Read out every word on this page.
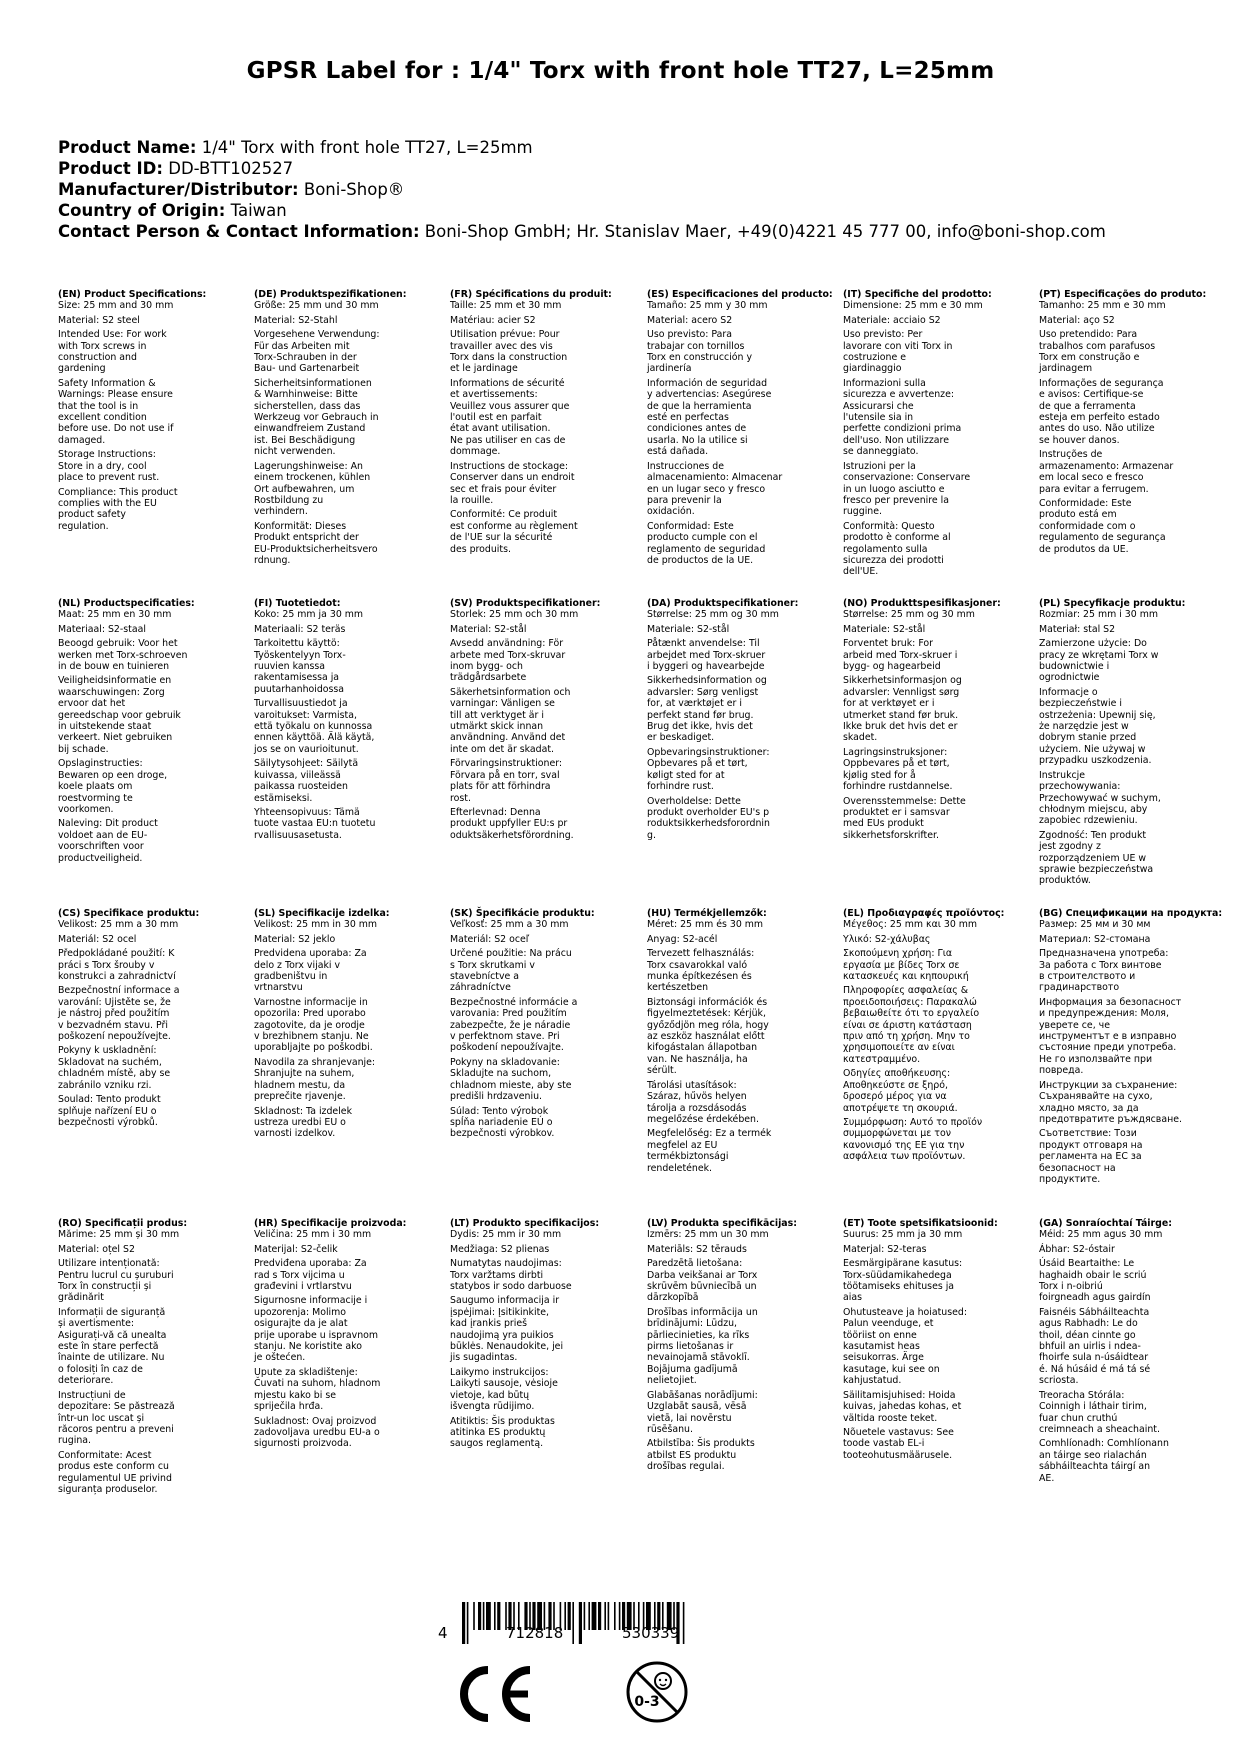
GPSR Label for : 1/4" Torx with front hole TT27, L=25mm
Product Name: 1/4" Torx with front hole TT27, L=25mm
Product ID: DD-BTT102527
Manufacturer/Distributor: Boni-Shop®
Country of Origin: Taiwan
Contact Person & Contact Information: Boni-Shop GmbH; Hr. Stanislav Maer, +49(0)4221 45 777 00, info@boni-shop.com
(EN) Product Specifications:
Size: 25 mm and 30 mm
Material: S2 steel
Intended Use: For work
with Torx screws in
construction and
gardening
Safety Information &
Warnings: Please ensure
that the tool is in
excellent condition
before use. Do not use if
damaged.
Storage Instructions:
Store in a dry, cool
place to prevent rust.
Compliance: This product
complies with the EU
product safety
regulation.
(DE) Produktspezifikationen:
Größe: 25 mm und 30 mm
Material: S2-Stahl
Vorgesehene Verwendung:
Für das Arbeiten mit
Torx-Schrauben in der
Bau- und Gartenarbeit
Sicherheitsinformationen
& Warnhinweise: Bitte
sicherstellen, dass das
Werkzeug vor Gebrauch in
einwandfreiem Zustand
ist. Bei Beschädigung
nicht verwenden.
Lagerungshinweise: An
einem trockenen, kühlen
Ort aufbewahren, um
Rostbildung zu
verhindern.
Konformität: Dieses
Produkt entspricht der
EU-Produktsicherheitsvero
rdnung.
(FR) Spécifications du produit:
Taille: 25 mm et 30 mm
Matériau: acier S2
Utilisation prévue: Pour
travailler avec des vis
Torx dans la construction
et le jardinage
Informations de sécurité
et avertissements:
Veuillez vous assurer que
l'outil est en parfait
état avant utilisation.
Ne pas utiliser en cas de
dommage.
Instructions de stockage:
Conserver dans un endroit
sec et frais pour éviter
la rouille.
Conformité: Ce produit
est conforme au règlement
de l'UE sur la sécurité
des produits.
(ES) Especificaciones del producto:
Tamaño: 25 mm y 30 mm
Material: acero S2
Uso previsto: Para
trabajar con tornillos
Torx en construcción y
jardinería
Información de seguridad
y advertencias: Asegúrese
de que la herramienta
esté en perfectas
condiciones antes de
usarla. No la utilice si
está dañada.
Instrucciones de
almacenamiento: Almacenar
en un lugar seco y fresco
para prevenir la
oxidación.
Conformidad: Este
producto cumple con el
reglamento de seguridad
de productos de la UE.
(IT) Specifiche del prodotto:
Dimensione: 25 mm e 30 mm
Materiale: acciaio S2
Uso previsto: Per
lavorare con viti Torx in
costruzione e
giardinaggio
Informazioni sulla
sicurezza e avvertenze:
Assicurarsi che
l'utensile sia in
perfette condizioni prima
dell'uso. Non utilizzare
se danneggiato.
Istruzioni per la
conservazione: Conservare
in un luogo asciutto e
fresco per prevenire la
ruggine.
Conformità: Questo
prodotto è conforme al
regolamento sulla
sicurezza dei prodotti
dell'UE.
(PT) Especificações do produto:
Tamanho: 25 mm e 30 mm
Material: aço S2
Uso pretendido: Para
trabalhos com parafusos
Torx em construção e
jardinagem
Informações de segurança
e avisos: Certifique-se
de que a ferramenta
esteja em perfeito estado
antes do uso. Não utilize
se houver danos.
Instruções de
armazenamento: Armazenar
em local seco e fresco
para evitar a ferrugem.
Conformidade: Este
produto está em
conformidade com o
regulamento de segurança
de produtos da UE.
(NL) Productspecificaties:
Maat: 25 mm en 30 mm
Materiaal: S2-staal
Beoogd gebruik: Voor het
werken met Torx-schroeven
in de bouw en tuinieren
Veiligheidsinformatie en
waarschuwingen: Zorg
ervoor dat het
gereedschap voor gebruik
in uitstekende staat
verkeert. Niet gebruiken
bij schade.
Opslaginstructies:
Bewaren op een droge,
koele plaats om
roestvorming te
voorkomen.
Naleving: Dit product
voldoet aan de EU-
voorschriften voor
productveiligheid.
(FI) Tuotetiedot:
Koko: 25 mm ja 30 mm
Materiaali: S2 teräs
Tarkoitettu käyttö:
Työskentelyyn Torx-
ruuvien kanssa
rakentamisessa ja
puutarhanhoidossa
Turvallisuustiedot ja
varoitukset: Varmista,
että työkalu on kunnossa
ennen käyttöä. Älä käytä,
jos se on vaurioitunut.
Säilytysohjeet: Säilytä
kuivassa, viileässä
paikassa ruosteiden
estämiseksi.
Yhteensopivuus: Tämä
tuote vastaa EU:n tuotetu
rvallisuusasetusta.
(SV) Produktspecifikationer:
Storlek: 25 mm och 30 mm
Material: S2-stål
Avsedd användning: För
arbete med Torx-skruvar
inom bygg- och
trädgårdsarbete
Säkerhetsinformation och
varningar: Vänligen se
till att verktyget är i
utmärkt skick innan
användning. Använd det
inte om det är skadat.
Förvaringsinstruktioner:
Förvara på en torr, sval
plats för att förhindra
rost.
Efterlevnad: Denna
produkt uppfyller EU:s pr
oduktsäkerhetsförordning.
(DA) Produktspecifikationer:
Størrelse: 25 mm og 30 mm
Materiale: S2-stål
Påtænkt anvendelse: Til
arbejdet med Torx-skruer
i byggeri og havearbejde
Sikkerhedsinformation og
advarsler: Sørg venligst
for, at værktøjet er i
perfekt stand før brug.
Brug det ikke, hvis det
er beskadiget.
Opbevaringsinstruktioner:
Opbevares på et tørt,
køligt sted for at
forhindre rust.
Overholdelse: Dette
produkt overholder EU's p
roduktsikkerhedsforordnin
g.
(NO) Produkttspesifikasjoner:
Størrelse: 25 mm og 30 mm
Materiale: S2-stål
Forventet bruk: For
arbeid med Torx-skruer i
bygg- og hagearbeid
Sikkerhetsinformasjon og
advarsler: Vennligst sørg
for at verktøyet er i
utmerket stand før bruk.
Ikke bruk det hvis det er
skadet.
Lagringsinstruksjoner:
Oppbevares på et tørt,
kjølig sted for å
forhindre rustdannelse.
Overensstemmelse: Dette
produktet er i samsvar
med EUs produkt
sikkerhetsforskrifter.
(PL) Specyfikacje produktu:
Rozmiar: 25 mm i 30 mm
Materiał: stal S2
Zamierzone użycie: Do
pracy ze wkrętami Torx w
budownictwie i
ogrodnictwie
Informacje o
bezpieczeństwie i
ostrzeżenia: Upewnij się,
że narzędzie jest w
dobrym stanie przed
użyciem. Nie używaj w
przypadku uszkodzenia.
Instrukcje
przechowywania:
Przechowywać w suchym,
chłodnym miejscu, aby
zapobiec rdzewieniu.
Zgodność: Ten produkt
jest zgodny z
rozporządzeniem UE w
sprawie bezpieczeństwa
produktów.
(CS) Specifikace produktu:
Velikost: 25 mm a 30 mm
Materiál: S2 ocel
Předpokládané použití: K
práci s Torx šrouby v
konstrukci a zahradnictví
Bezpečnostní informace a
varování: Ujistěte se, že
je nástroj před použitím
v bezvadném stavu. Při
poškození nepoužívejte.
Pokyny k uskladnění:
Skladovat na suchém,
chladném místě, aby se
zabránilo vzniku rzi.
Soulad: Tento produkt
splňuje nařízení EU o
bezpečnosti výrobků.
(SL) Specifikacije izdelka:
Velikost: 25 mm in 30 mm
Material: S2 jeklo
Predvidena uporaba: Za
delo z Torx vijaki v
gradbeništvu in
vrtnarstvu
Varnostne informacije in
opozorila: Pred uporabo
zagotovite, da je orodje
v brezhibnem stanju. Ne
uporabljajte po poškodbi.
Navodila za shranjevanje:
Shranjujte na suhem,
hladnem mestu, da
preprečite rjavenje.
Skladnost: Ta izdelek
ustreza uredbi EU o
varnosti izdelkov.
(SK) Špecifikácie produktu:
Veľkosť: 25 mm a 30 mm
Materiál: S2 oceľ
Určené použitie: Na prácu
s Torx skrutkami v
stavebníctve a
záhradníctve
Bezpečnostné informácie a
varovania: Pred použitím
zabezpečte, že je náradie
v perfektnom stave. Pri
poškodení nepoužívajte.
Pokyny na skladovanie:
Skladujte na suchom,
chladnom mieste, aby ste
predišli hrdzaveniu.
Súlad: Tento výrobok
spĺňa nariadenie EÚ o
bezpečnosti výrobkov.
(HU) Termékjellemzők:
Méret: 25 mm és 30 mm
Anyag: S2-acél
Tervezett felhasználás:
Torx csavarokkal való
munka építkezésen és
kertészetben
Biztonsági információk és
figyelmeztetések: Kérjük,
győződjön meg róla, hogy
az eszköz használat előtt
kifogástalan állapotban
van. Ne használja, ha
sérült.
Tárolási utasítások:
Száraz, hűvös helyen
tárolja a rozsdásodás
megelőzése érdekében.
Megfelelőség: Ez a termék
megfelel az EU
termékbiztonsági
rendeletének.
(EL) Προδιαγραφές προϊόντος:
Μέγεθος: 25 mm και 30 mm
Υλικό: S2-χάλυβας
Σκοπούμενη χρήση: Για
εργασία με βίδες Torx σε
κατασκευές και κηπουρική
Πληροφορίες ασφαλείας &
προειδοποιήσεις: Παρακαλώ
βεβαιωθείτε ότι το εργαλείο
είναι σε άριστη κατάσταση
πριν από τη χρήση. Μην το
χρησιμοποιείτε αν είναι
κατεστραμμένο.
Οδηγίες αποθήκευσης:
Αποθηκεύστε σε ξηρό,
δροσερό μέρος για να
αποτρέψετε τη σκουριά.
Συμμόρφωση: Αυτό το προϊόν
συμμορφώνεται με τον
κανονισμό της ΕΕ για την
ασφάλεια των προϊόντων.
(BG) Спецификации на продукта:
Размер: 25 мм и 30 мм
Материал: S2-стомана
Предназначена употреба:
За работа с Torx винтове
в строителството и
градинарството
Информация за безопасност
и предупреждения: Моля,
уверете се, че
инструментът е в изправно
състояние преди употреба.
Не го използвайте при
повреда.
Инструкции за съхранение:
Съхранявайте на сухо,
хладно място, за да
предотвратите ръждясване.
Съответствие: Този
продукт отговаря на
регламента на ЕС за
безопасност на
продуктите.
(RO) Specificații produs:
Mărime: 25 mm și 30 mm
Material: oțel S2
Utilizare intenționată:
Pentru lucrul cu șuruburi
Torx în construcții și
grădinărit
Informații de siguranță
și avertismente:
Asigurați-vă că unealta
este în stare perfectă
înainte de utilizare. Nu
o folosiți în caz de
deteriorare.
Instrucțiuni de
depozitare: Se păstrează
într-un loc uscat și
răcoros pentru a preveni
rugina.
Conformitate: Acest
produs este conform cu
regulamentul UE privind
siguranța produselor.
(HR) Specifikacije proizvoda:
Veličina: 25 mm i 30 mm
Materijal: S2-čelik
Predviđena uporaba: Za
rad s Torx vijcima u
građevini i vrtlarstvu
Sigurnosne informacije i
upozorenja: Molimo
osigurajte da je alat
prije uporabe u ispravnom
stanju. Ne koristite ako
je oštećen.
Upute za skladištenje:
Čuvati na suhom, hladnom
mjestu kako bi se
spriječila hrđa.
Sukladnost: Ovaj proizvod
zadovoljava uredbu EU-a o
sigurnosti proizvoda.
(LT) Produkto specifikacijos:
Dydis: 25 mm ir 30 mm
Medžiaga: S2 plienas
Numatytas naudojimas:
Torx varžtams dirbti
statybos ir sodo darbuose
Saugumo informacija ir
įspėjimai: Įsitikinkite,
kad įrankis prieš
naudojimą yra puikios
būklės. Nenaudokite, jei
jis sugadintas.
Laikymo instrukcijos:
Laikyti sausoje, vėsioje
vietoje, kad būtų
išvengta rūdijimo.
Atitiktis: Šis produktas
atitinka ES produktų
saugos reglamentą.
(LV) Produkta specifikācijas:
Izmērs: 25 mm un 30 mm
Materiāls: S2 tērauds
Paredzētā lietošana:
Darba veikšanai ar Torx
skrūvēm būvniecībā un
dārzkopībā
Drošības informācija un
brīdinājumi: Lūdzu,
pārliecinieties, ka rīks
pirms lietošanas ir
nevainojamā stāvoklī.
Bojājuma gadījumā
nelietojiet.
Glabāšanas norādījumi:
Uzglabāt sausā, vēsā
vietā, lai novērstu
rūsēšanu.
Atbilstība: Šis produkts
atbilst ES produktu
drošības regulai.
(ET) Toote spetsifikatsioonid:
Suurus: 25 mm ja 30 mm
Materjal: S2-teras
Eesmärgipärane kasutus:
Torx-süüdamikahedega
töötamiseks ehituses ja
aias
Ohutusteave ja hoiatused:
Palun veenduge, et
tööriist on enne
kasutamist heas
seisukorras. Ärge
kasutage, kui see on
kahjustatud.
Säilitamisjuhised: Hoida
kuivas, jahedas kohas, et
vältida rooste teket.
Nõuetele vastavus: See
toode vastab EL-i
tooteohutusmäärusele.
(GA) Sonraíochtaí Táirge:
Méid: 25 mm agus 30 mm
Ábhar: S2-óstair
Úsáid Beartaithe: Le
haghaidh obair le scriú
Torx i n-oibriú
foirgneadh agus gairdín
Faisnéis Sábháilteachta
agus Rabhadh: Le do
thoil, déan cinnte go
bhfuil an uirlis i ndea-
fhoirfe sula n-úsáidtear
é. Ná húsáid é má tá sé
scriosta.
Treoracha Stórála:
Coinnigh i láthair tirim,
fuar chun cruthú
creimneach a sheachaint.
Comhlíonadh: Comhlíonann
an táirge seo rialachán
sábháilteachta táirgí an
AE.
4	712818	530339
0-3
